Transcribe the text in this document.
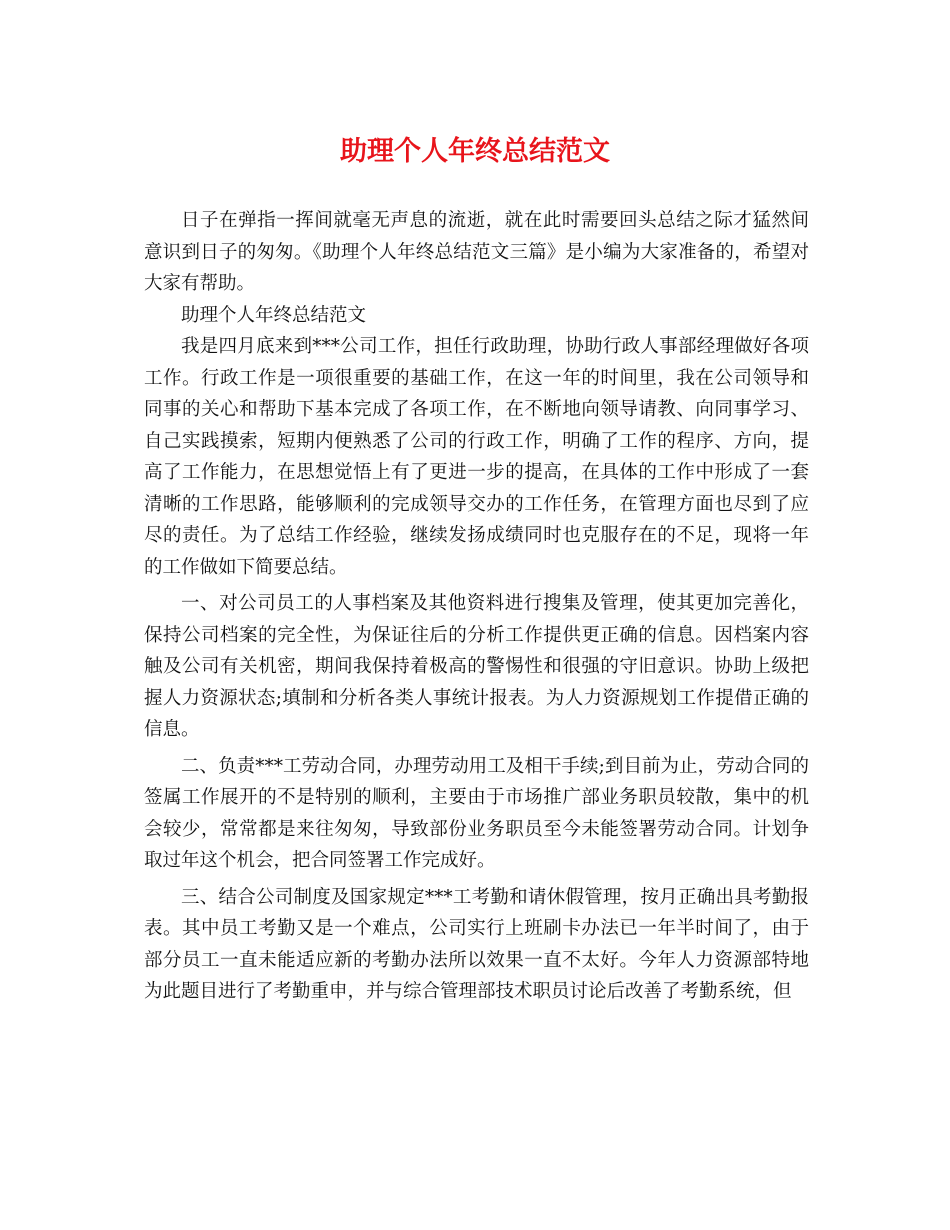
助理个人年终总结范文

日子在弹指一挥间就毫无声息的流逝，就在此时需要回头总结之际才猛然间意识到日子的匆匆。《助理个人年终总结范文三篇》是小编为大家准备的，希望对大家有帮助。

助理个人年终总结范文

我是四月底来到***公司工作，担任行政助理，协助行政人事部经理做好各项工作。行政工作是一项很重要的基础工作，在这一年的时间里，我在公司领导和同事的关心和帮助下基本完成了各项工作，在不断地向领导请教、向同事学习、自己实践摸索，短期内便熟悉了公司的行政工作，明确了工作的程序、方向，提高了工作能力，在思想觉悟上有了更进一步的提高，在具体的工作中形成了一套清晰的工作思路，能够顺利的完成领导交办的工作任务，在管理方面也尽到了应尽的责任。为了总结工作经验，继续发扬成绩同时也克服存在的不足，现将一年的工作做如下简要总结。

一、对公司员工的人事档案及其他资料进行搜集及管理，使其更加完善化，保持公司档案的完全性，为保证往后的分析工作提供更正确的信息。因档案内容触及公司有关机密，期间我保持着极高的警惕性和很强的守旧意识。协助上级把握人力资源状态;填制和分析各类人事统计报表。为人力资源规划工作提借正确的信息。

二、负责***工劳动合同，办理劳动用工及相干手续;到目前为止，劳动合同的签属工作展开的不是特别的顺利，主要由于市场推广部业务职员较散，集中的机会较少，常常都是来往匆匆，导致部份业务职员至今未能签署劳动合同。计划争取过年这个机会，把合同签署工作完成好。

三、结合公司制度及国家规定***工考勤和请休假管理，按月正确出具考勤报表。其中员工考勤又是一个难点，公司实行上班刷卡办法已一年半时间了，由于部分员工一直未能适应新的考勤办法所以效果一直不太好。今年人力资源部特地为此题目进行了考勤重申，并与综合管理部技术职员讨论后改善了考勤系统，但
